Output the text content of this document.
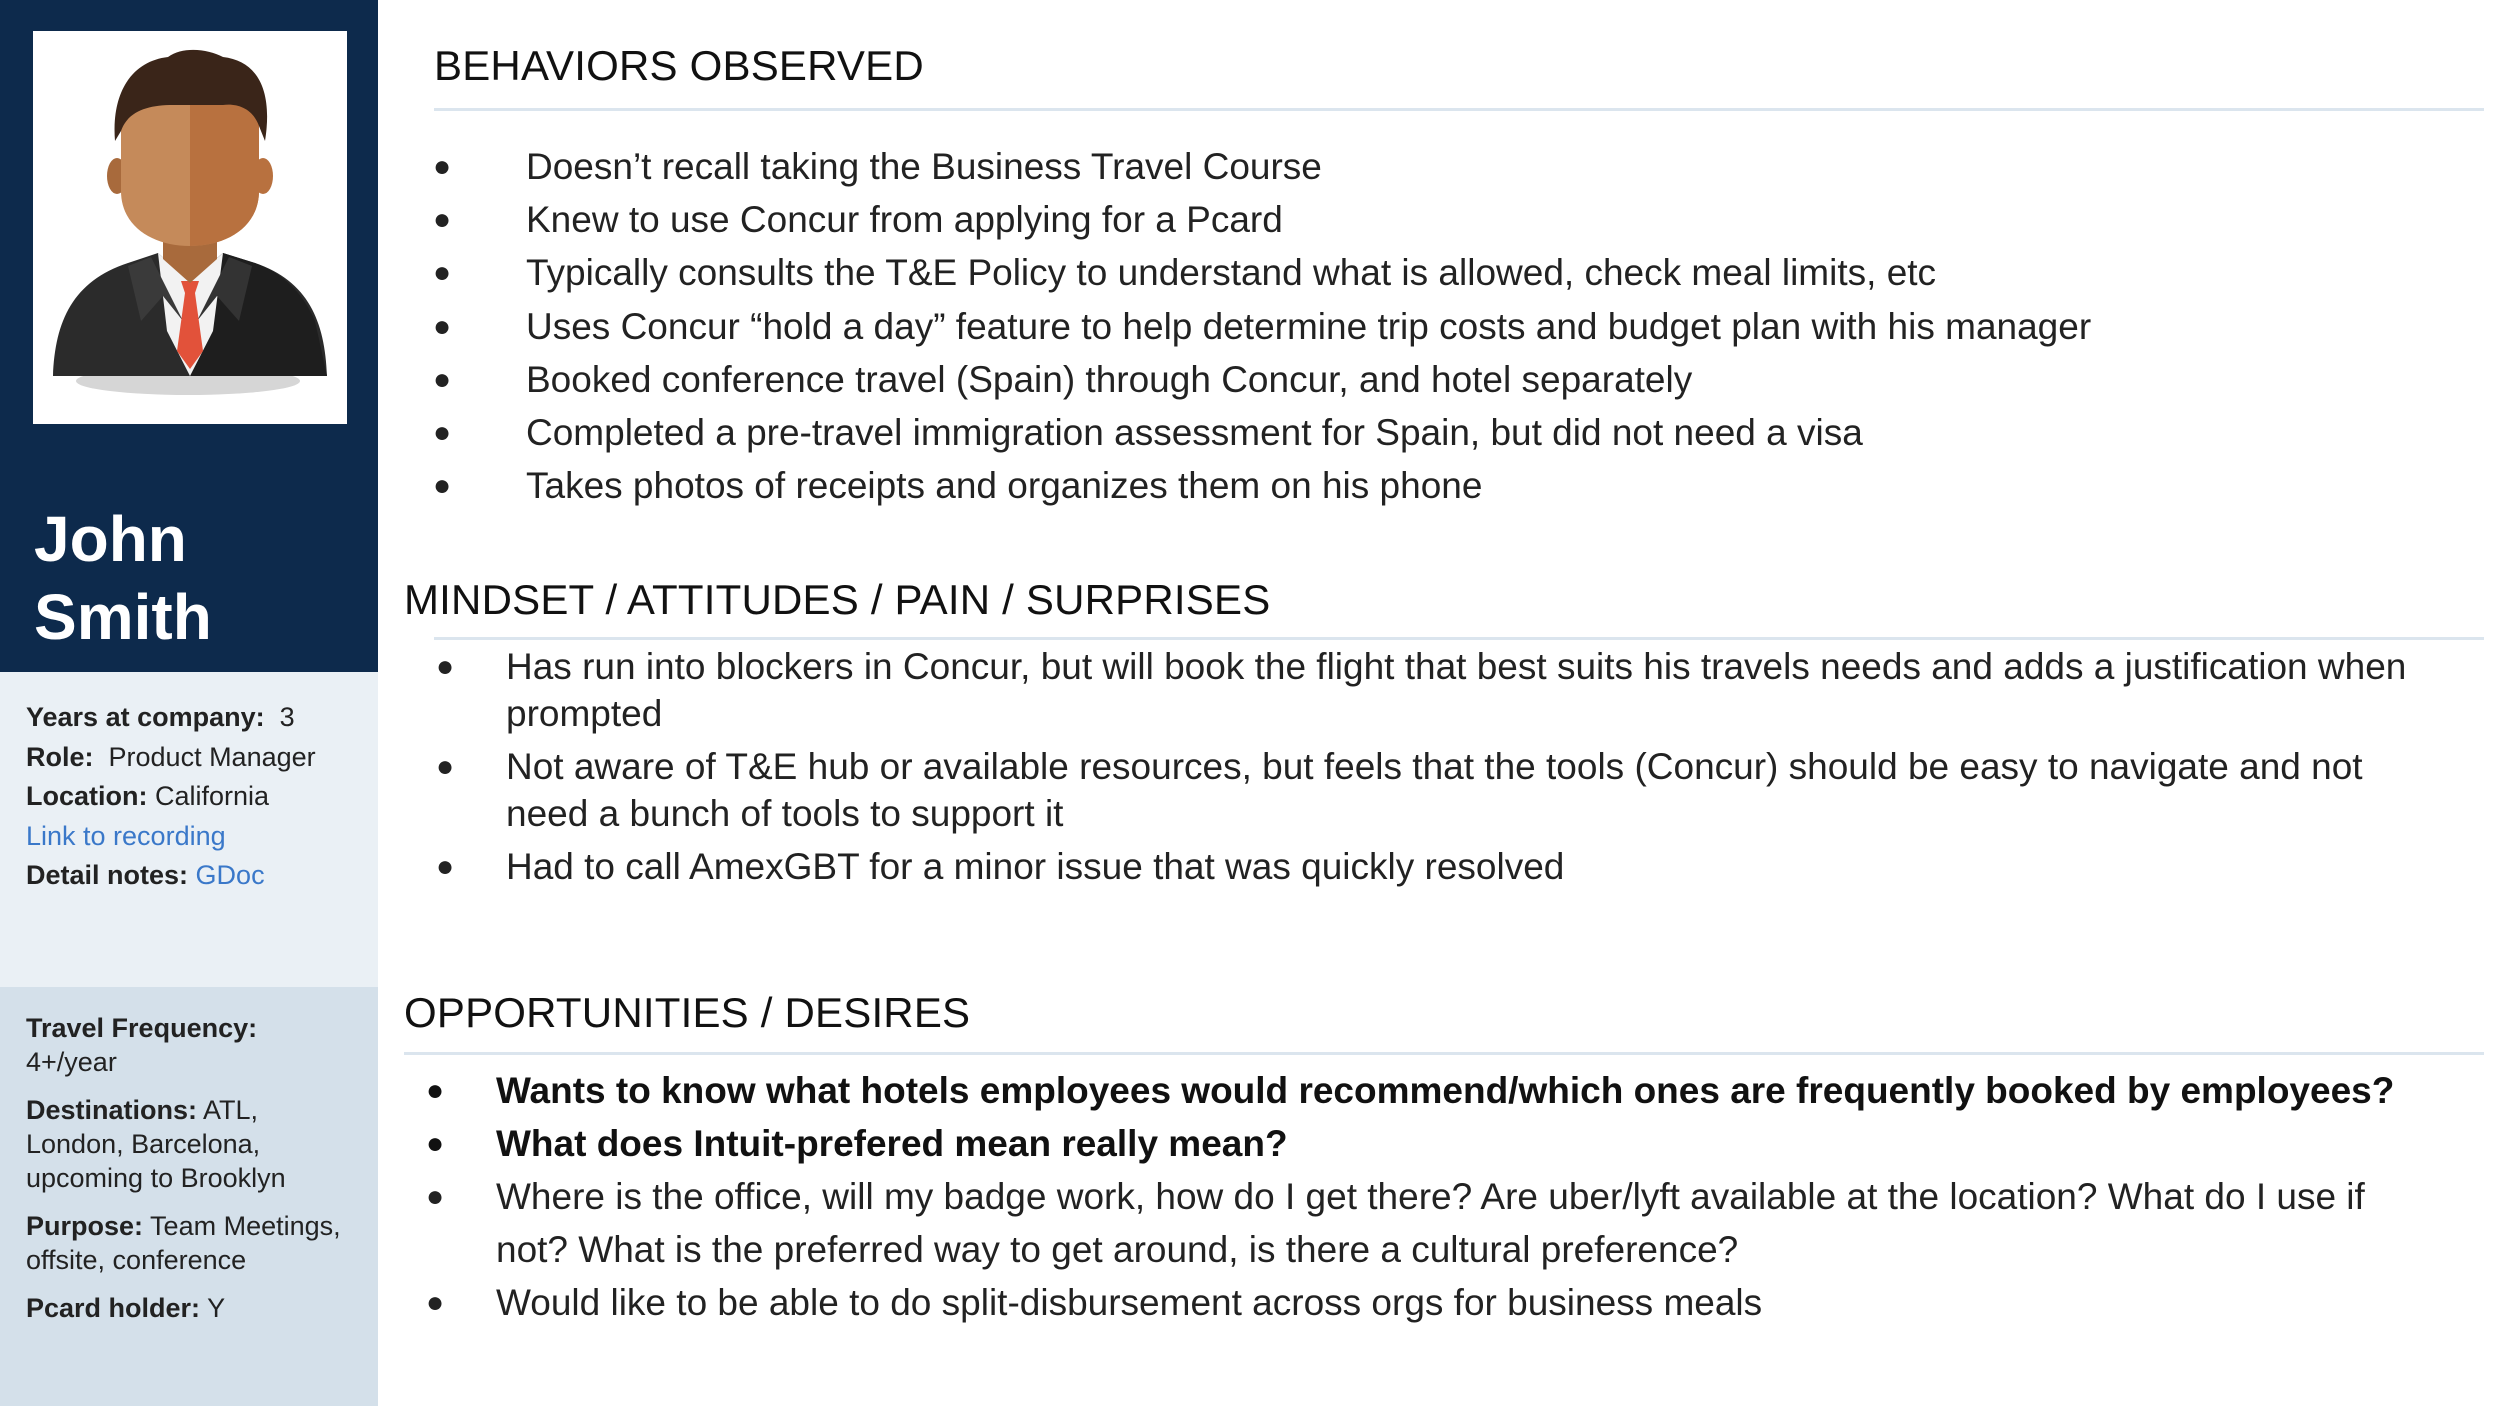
John
Smith
Years at company: 3
Role: Product Manager
Location: California
Link to recording
Detail notes: GDoc
Travel Frequency:
4+/year
Destinations: ATL, London, Barcelona, upcoming to Brooklyn
Purpose: Team Meetings, offsite, conference
Pcard holder: Y
BEHAVIORS OBSERVED
● Doesn’t recall taking the Business Travel Course
● Knew to use Concur from applying for a Pcard
● Typically consults the T&E Policy to understand what is allowed, check meal limits, etc
● Uses Concur “hold a day” feature to help determine trip costs and budget plan with his manager
● Booked conference travel (Spain) through Concur, and hotel separately
● Completed a pre-travel immigration assessment for Spain, but did not need a visa
● Takes photos of receipts and organizes them on his phone
MINDSET / ATTITUDES / PAIN / SURPRISES
● Has run into blockers in Concur, but will book the flight that best suits his travels needs and adds a justification when prompted
● Not aware of T&E hub or available resources, but feels that the tools (Concur) should be easy to navigate and not need a bunch of tools to support it
● Had to call AmexGBT for a minor issue that was quickly resolved
OPPORTUNITIES / DESIRES
● Wants to know what hotels employees would recommend/which ones are frequently booked by employees?
● What does Intuit-prefered mean really mean?
● Where is the office, will my badge work, how do I get there? Are uber/lyft available at the location? What do I use if not? What is the preferred way to get around, is there a cultural preference?
● Would like to be able to do split-disbursement across orgs for business meals
